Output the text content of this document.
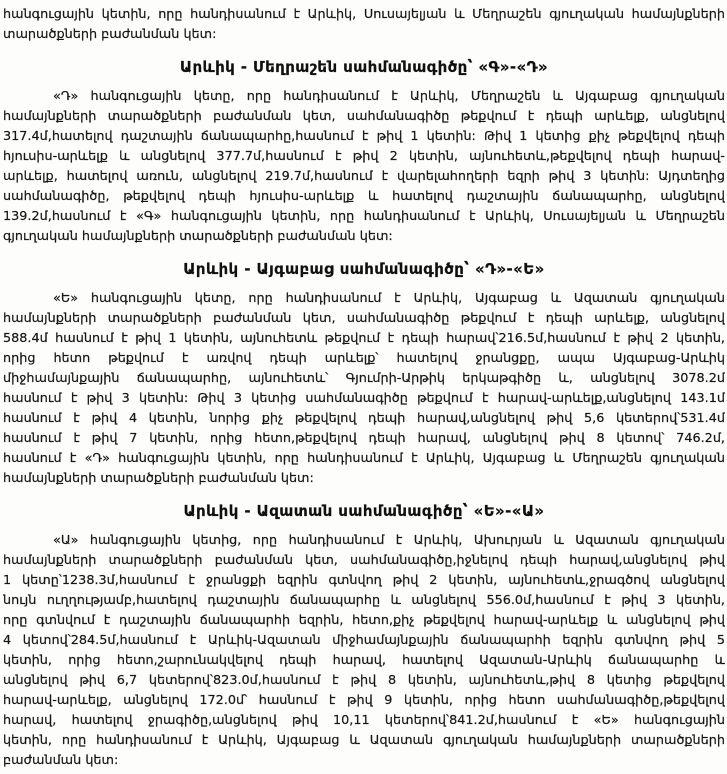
հանգուցային կետին, որը հանդիսանում է Արևիկ, Սուսայելյան և Մեղրաշեն գյուղական համայնքների
տարածքների բաժանման կետ:
Արևիկ - Մեղրաշեն սահմանագիծը՝ «Գ»-«Դ»
«Դ» հանգուցային կետը, որը հանդիսանում է Արևիկ, Մեղրաշեն և Այգաբաց գյուղական
համայնքների տարածքների բաժանման կետ, սահմանագիծը թեքվում է դեպի արևելք, անցնելով
317.4մ,հատելով դաշտային ճանապարհը,հասնում է թիվ 1 կետին: Թիվ 1 կետից քիչ թեքվելով դեպի
հյուսիս-արևելք և անցնելով 377.7մ,հասնում է թիվ 2 կետին, այնուհետև,թեքվելով դեպի հարավ-
արևելք, հատելով առուն, անցնելով 219.7մ,հասնում է վարելահողերի եզրի թիվ 3 կետին: Այդտեղից
սահմանագիծը, թեքվելով դեպի հյուսիս-արևելք և հատելով դաշտային ճանապարհը, անցնելով
139.2մ,հասնում է «Գ» հանգուցային կետին, որը հանդիսանում է Արևիկ, Սուսայելյան և Մեղրաշեն
գյուղական համայնքների տարածքների բաժանման կետ:
Արևիկ - Այգաբաց սահմանագիծը՝ «Դ»-«Ե»
«Ե» հանգուցային կետը, որը հանդիսանում է Արևիկ, Այգաբաց և Ազատան գյուղական
համայնքների տարածքների բաժանման կետ, սահմանագիծը թեքվում է դեպի արևելք, անցնելով
588.4մ հասնում է թիվ 1 կետին, այնուհետև թեքվում է դեպի հարավ՝216.5մ,հասնում է թիվ 2 կետին,
որից հետո թեքվում է առվով դեպի արևելք՝ հատելով ջրանցքը, ապա Այգաբաց-Արևիկ
միջհամայնքային ճանապարհը, այնուհետև՝ Գյումրի-Արթիկ երկաթգիծը և, անցնելով 3078.2մ
հասնում է թիվ 3 կետին: Թիվ 3 կետից սահմանագիծը թեքվում է հարավ-արևելք,անցնելով 143.1մ
հասնում է թիվ 4 կետին, նորից քիչ թեքվելով դեպի հարավ,անցնելով թիվ 5,6 կետերով՝531.4մ
հասնում է թիվ 7 կետին, որից հետո,թեքվելով դեպի հարավ, անցնելով թիվ 8 կետով՝ 746.2մ,
հասնում է «Դ» հանգուցային կետին, որը հանդիսանում է Արևիկ, Այգաբաց և Մեղրաշեն գյուղական
համայնքների տարածքների բաժանման կետ:
Արևիկ - Ազատան սահմանագիծը՝ «Ե»-«Ա»
«Ա» հանգուցային կետից, որը հանդիսանում է Արևիկ, Ախուրյան և Ազատան գյուղական
համայնքների տարածքների բաժանման կետ, սահմանագիծը,իջնելով դեպի հարավ,անցնելով թիվ
1 կետը՝1238.3մ,հասնում է ջրանցքի եզրին գտնվող թիվ 2 կետին, այնուհետև,ջրագծով անցնելով
նույն ուղղությամբ,հատելով դաշտային ճանապարհը և անցնելով 556.0մ,հասնում է թիվ 3 կետին,
որը գտնվում է դաշտային ճանապարհի եզրին, հետո,քիչ թեքվելով հարավ-արևելք և անցնելով թիվ
4 կետով՝284.5մ,հասնում է Արևիկ-Ազատան միջհամայնքային ճանապարհի եզրին գտնվող թիվ 5
կետին, որից հետո,շարունակվելով դեպի հարավ, հատելով Ազատան-Արևիկ ճանապարհը և
անցնելով թիվ 6,7 կետերով՝823.0մ,հասնում է թիվ 8 կետին, այնուհետև,թիվ 8 կետից թեքվելով
հարավ-արևելք, անցնելով 172.0մ՝ հասնում է թիվ 9 կետին, որից հետո սահմանագիծը,թեքվելով
հարավ, հատելով ջրագիծը,անցնելով թիվ 10,11 կետերով՝841.2մ,հասնում է «Ե» հանգուցային
կետին, որը հանդիսանում է Արևիկ, Այգաբաց և Ազատան գյուղական համայնքների տարածքների
բաժանման կետ:
